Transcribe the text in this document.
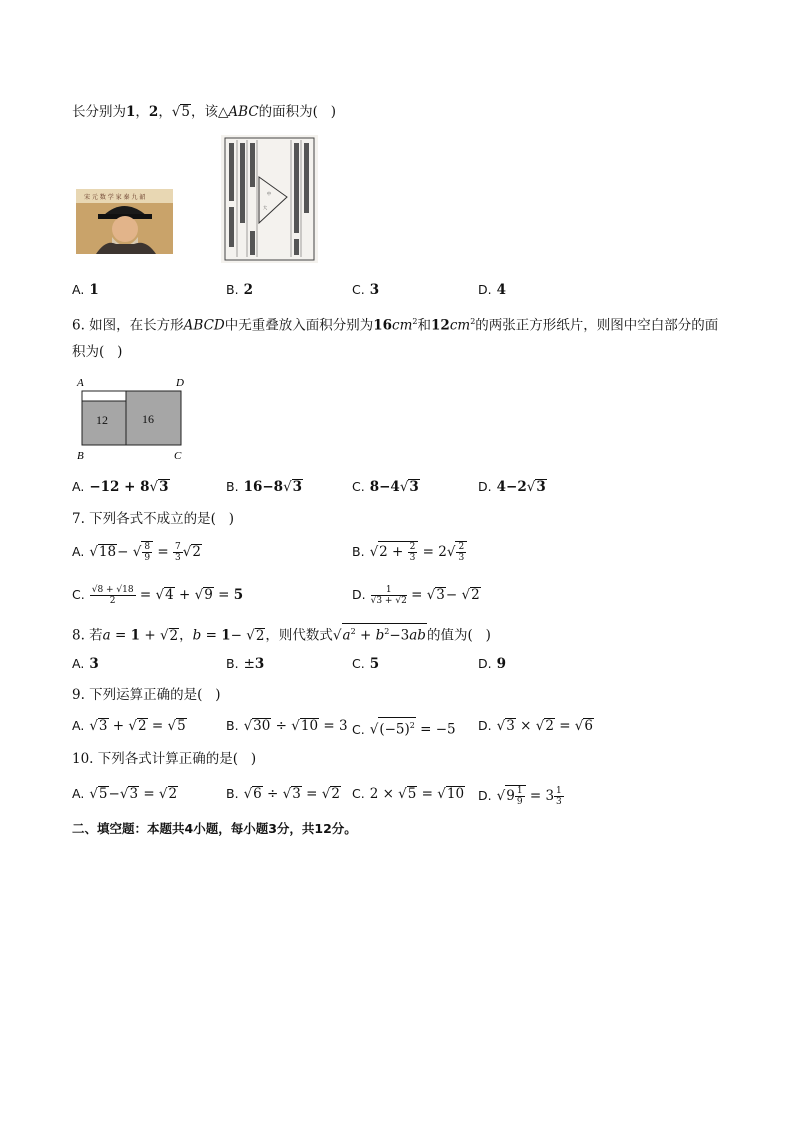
长分别为1，2，√5，该△ABC的面积为(   )
宋 元 数 学 家 秦 九 韶
中
大
A. 1	B. 2	C. 3	D. 4
6. 如图，在长方形ABCD中无重叠放入面积分别为$16cm^2$和$12cm^2$的两张正方形纸片，则图中空白部分的面
积为(   )
12	16
A	D
B	C
A. −12 + 8√3	B. 16−8√3	C. 8−4√3	D. 4−2√3
7. 下列各式不成立的是(   )
A. √18− √ $\frac{8}{9} = \frac{7}{3} √2$	B. $√2 + \frac{2}{3} = 2√ \frac{2}{3}$
C. $\frac{√8 + √18}{2} = √4 + √9 = 5$	D. $\frac{1}{√3 + √2} = √3- √2$
8. 若a = 1 + √2，b = 1− √2，则代数式$√a^2 + b^2-3ab$的值为(   )
A. 3	B. ±3	C. 5	D. 9
9. 下列运算正确的是(   )
A. √3 + √2 = √5	B. √30 ÷ √10 = 3 C. $√(-5)^2 = -5$ D. √3 × √2 = √6
10. 下列各式计算正确的是(   )
A. √5−√3 = √2	B. √6 ÷ √3 = √2 C. 2 × √5 = √10 D. $√9 \frac{1}{9} = 3 \frac{1}{3}$
二、填空题：本题共4小题，每小题3分，共12分。
